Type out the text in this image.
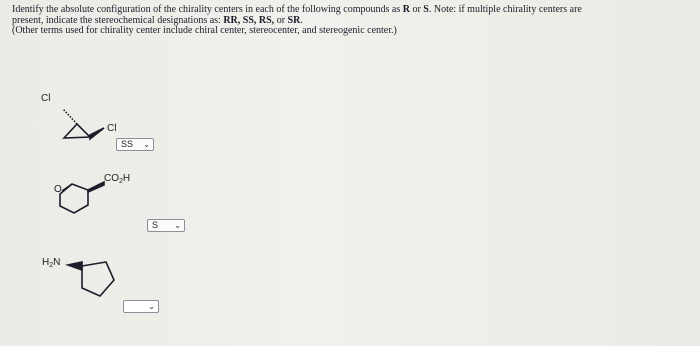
Identify the absolute configuration of the chirality centers in each of the following compounds as R or S. Note: if multiple chirality centers are

present, indicate the stereochemical designations as: RR, SS, RS, or SR.

(Other terms used for chirality center include chiral center, stereocenter, and stereogenic center.)

Cl
Cl
O
$CO_2H$
$H_2N$
SS ⌄
S ⌄
⌄
